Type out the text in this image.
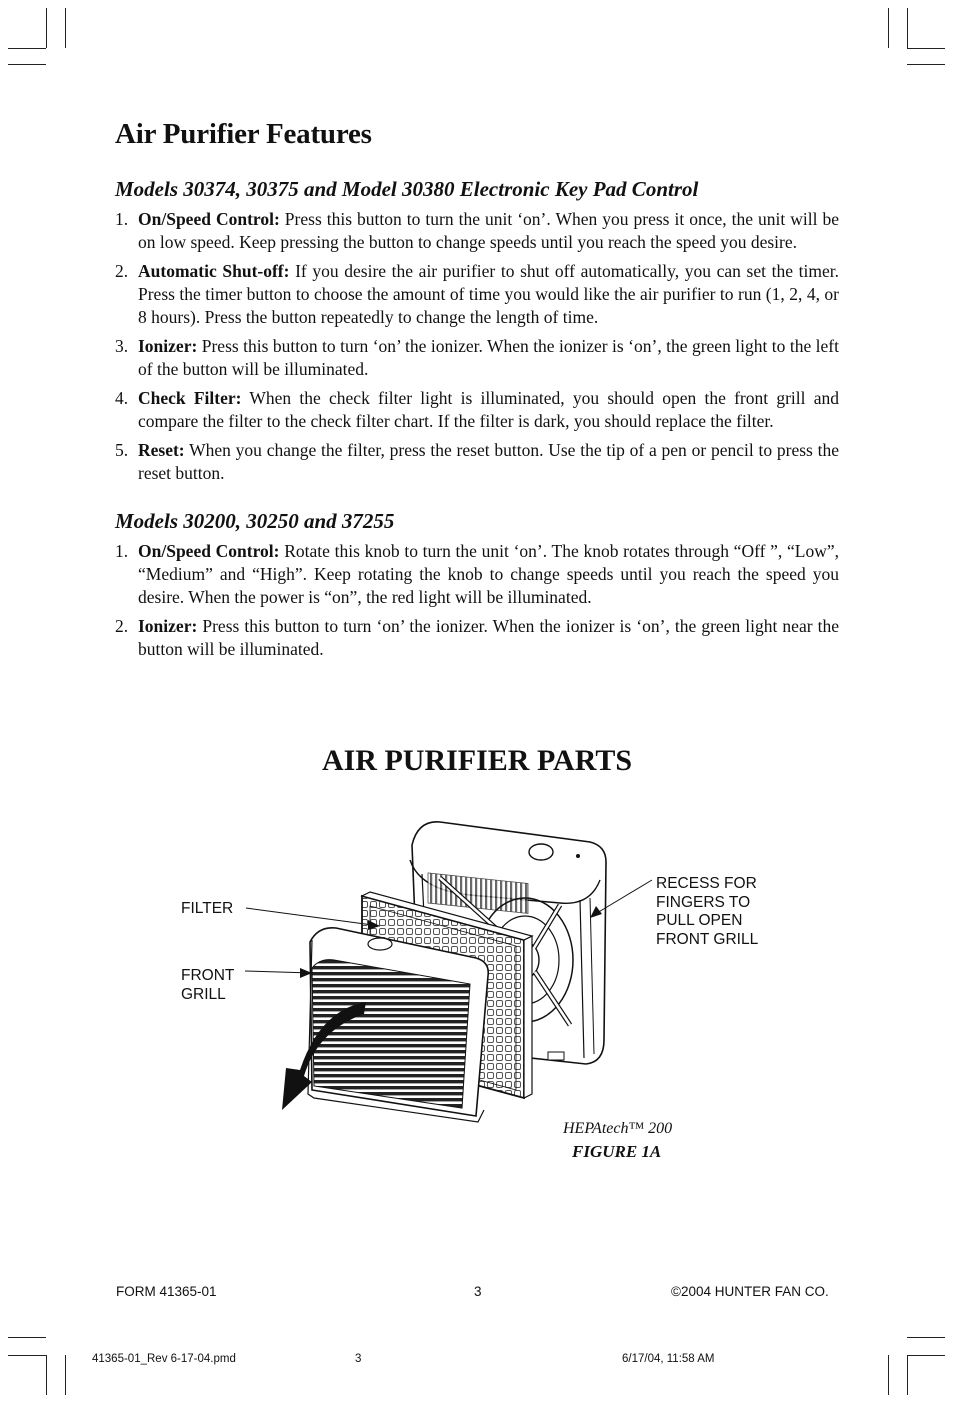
Air Purifier Features
Models 30374, 30375 and Model 30380 Electronic Key Pad Control
1. On/Speed Control: Press this button to turn the unit ‘on’. When you press it once, the unit will be on low speed. Keep pressing the button to change speeds until you reach the speed you desire.
2. Automatic Shut-off: If you desire the air purifier to shut off automatically, you can set the timer. Press the timer button to choose the amount of time you would like the air purifier to run (1, 2, 4, or 8 hours). Press the button repeatedly to change the length of time.
3. Ionizer: Press this button to turn ‘on’ the ionizer. When the ionizer is ‘on’, the green light to the left of the button will be illuminated.
4. Check Filter: When the check filter light is illuminated, you should open the front grill and compare the filter to the check filter chart. If the filter is dark, you should replace the filter.
5. Reset: When you change the filter, press the reset button. Use the tip of a pen or pencil to press the reset button.
Models 30200, 30250 and 37255
1. On/Speed Control: Rotate this knob to turn the unit ‘on’. The knob rotates through “Off ”, “Low”, “Medium” and “High”. Keep rotating the knob to change speeds until you reach the speed you desire. When the power is “on”, the red light will be illuminated.
2. Ionizer: Press this button to turn ‘on’ the ionizer. When the ionizer is ‘on’, the green light near the button will be illuminated.
AIR PURIFIER PARTS
FILTER
FRONT
GRILL
RECESS FOR
FINGERS TO
PULL OPEN
FRONT GRILL
HEPAtech™ 200
FIGURE 1A
FORM 41365-01	3	©2004 HUNTER FAN CO.
41365-01_Rev 6-17-04.pmd	3	6/17/04, 11:58 AM
